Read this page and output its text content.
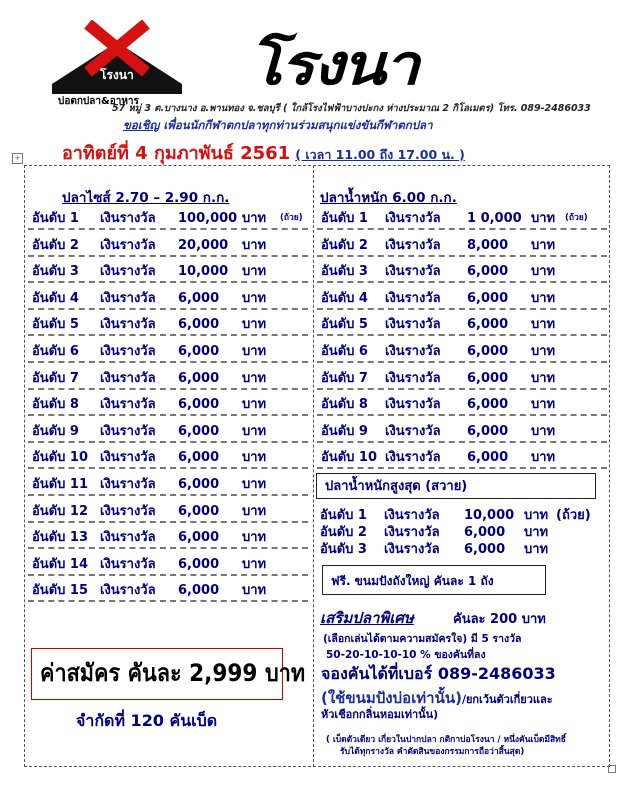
โรงนา
บ่อตกปลา&อาหาร
โรงนา
57 หมู่ 3 ต.บางนาง อ.พานทอง จ.ชลบุรี ( ใกล้โรงไฟฟ้าบางปะกง ห่างประมาณ 2 กิโลเมตร) โทร. 089-2486033
ขอเชิญ เพื่อนนักกีฬาตกปลาทุกท่านร่วมสนุกแข่งขันกีฬาตกปลา
+ อาทิตย์ที่ 4 กุมภาพันธ์ 2561 ( เวลา 11.00 ถึง 17.00 น. )
ปลาไซส์ 2.70 – 2.90 ก.ก.
อันดับ 1 เงินรางวัล 100,000 บาท (ถ้วย)
อันดับ 2 เงินรางวัล 20,000 บาท
อันดับ 3 เงินรางวัล 10,000 บาท
อันดับ 4 เงินรางวัล 6,000 บาท
อันดับ 5 เงินรางวัล 6,000 บาท
อันดับ 6 เงินรางวัล 6,000 บาท
อันดับ 7 เงินรางวัล 6,000 บาท
อันดับ 8 เงินรางวัล 6,000 บาท
อันดับ 9 เงินรางวัล 6,000 บาท
อันดับ 10 เงินรางวัล 6,000 บาท
อันดับ 11 เงินรางวัล 6,000 บาท
อันดับ 12 เงินรางวัล 6,000 บาท
อันดับ 13 เงินรางวัล 6,000 บาท
อันดับ 14 เงินรางวัล 6,000 บาท
อันดับ 15 เงินรางวัล 6,000 บาท
ปลาน้ำหนัก 6.00 ก.ก.
อันดับ 1 เงินรางวัล 1 0,000 บาท (ถ้วย)
อันดับ 2 เงินรางวัล 8,000 บาท
อันดับ 3 เงินรางวัล 6,000 บาท
อันดับ 4 เงินรางวัล 6,000 บาท
อันดับ 5 เงินรางวัล 6,000 บาท
อันดับ 6 เงินรางวัล 6,000 บาท
อันดับ 7 เงินรางวัล 6,000 บาท
อันดับ 8 เงินรางวัล 6,000 บาท
อันดับ 9 เงินรางวัล 6,000 บาท
อันดับ 10 เงินรางวัล 6,000 บาท
ปลาน้ำหนักสูงสุด (สวาย)
อันดับ 1 เงินรางวัล 10,000 บาท (ถ้วย)
อันดับ 2 เงินรางวัล 6,000 บาท
อันดับ 3 เงินรางวัล 6,000 บาท
ฟรี. ขนมปังถังใหญ่ คันละ 1 ถัง
ค่าสมัคร คันละ 2,999 บาท
จำกัดที่ 120 คันเบ็ด
เสริมปลาพิเศษ	คันละ 200 บาท
(เลือกเล่นได้ตามความสมัครใจ) มี 5 รางวัล
50-20-10-10-10 % ของคันที่ลง
จองคันได้ที่เบอร์ 089-2486033
(ใช้ขนมปังบ่อเท่านั้น)/ยกเว้นตัวเกี่ยวและ
หัวเชือกกลิ่นหอมเท่านั้น)
( เบ็ดตัวเดียว เกี่ยวในปากปลา กติกาบ่อโรงนา / หนึ่งคันเบ็ดมีสิทธิ์
รับได้ทุกรางวัล คำตัดสินของกรรมการถือว่าสิ้นสุด)
